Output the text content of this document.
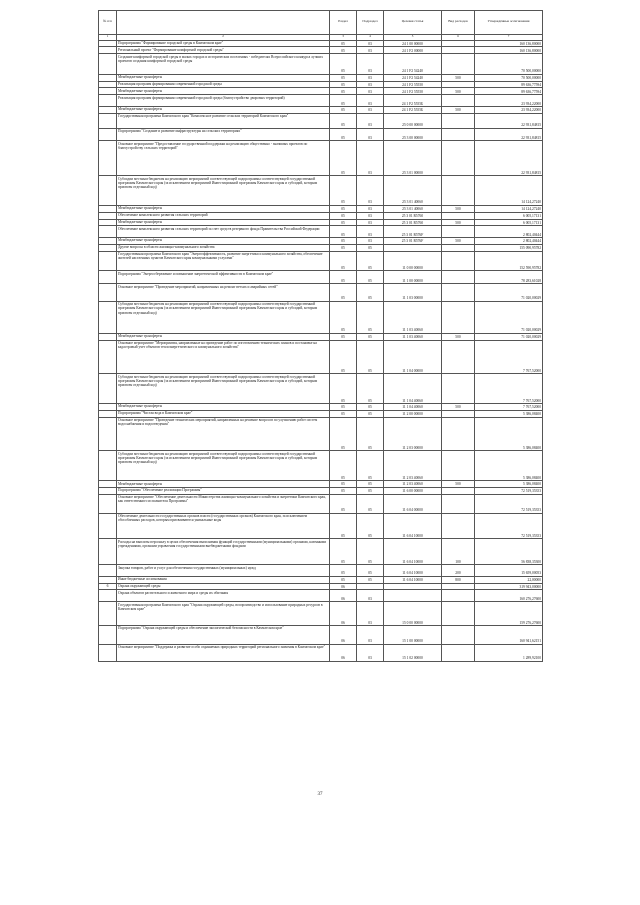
№ п/п		Раздел	Подраздел	Целевая статья	Вид расходов	Утверждённые ассигнования
1	2	3	4	5	6	7
	Подпрограмма "Формирование городской среды в Камчатском крае"	05	03	24 1 00 00000		160 136,80000
	Региональный проект "Формирование комфортной городской среды"	05	03	24 1 F2 00000		160 136,80000
	Создание комфортной городской среды в малых городах и исторических поселениях - победителях Всероссийского конкурса лучших проектов создания комфортной городской среды	05	03	24 1 F2 54240		70 500,00000
	Межбюджетные трансферты	05	03	24 1 F2 54240	500	70 500,00000
	Реализация программ формирования современной городской среды	05	03	24 1 F2 55550		89 636,77594
	Межбюджетные трансферты	05	03	24 1 F2 55550	500	89 636,77594
	Реализация программ формирования современной городской среды (благоустройство дворовых территорий)	05	03	24 1 F2 5555Б		23 934,22000
	Межбюджетные трансферты	05	03	24 1 F2 5555Б	500	23 934,22000
	Государственная программа Камчатского края "Комплексное развитие сельских территорий Камчатского края"	05	03	25 0 00 00000		22 931,84815
	Подпрограмма "Создание и развитие инфраструктуры на сельских территориях"	05	03	25 3 00 00000		22 931,84815
	Основное мероприятие "Предоставление государственной поддержки на реализацию общественно - значимых проектов по благоустройству сельских территорий"	05	03	25 3 01 00000		22 931,84815
	Субсидии местным бюджетам на реализацию мероприятий соответствующей подпрограммы соответствующей государственной программы Камчатского края (за исключением мероприятий Инвестиционной программы Камчатского края и субсидий, которым присвоен отдельный код)	05	03	25 3 01 40060		14 124,27240
	Межбюджетные трансферты	05	03	25 3 01 40060	500	14 124,27240
	Обеспечение комплексного развития сельских территорий	05	03	25 3 01 R5760		6 005,17131
	Межбюджетные трансферты	05	03	25 3 01 R5760	500	6 005,17131
	Обеспечение комплексного развития сельских территорий за счет средств резервного фонда Правительства Российской Федерации	05	03	25 3 01 R576F		2 802,40444
	Межбюджетные трансферты	05	03	25 3 01 R576F	500	2 802,40444
	Другие вопросы в области жилищно-коммунального хозяйства	05	05			155 090,95782
	Государственная программа Камчатского края "Энергоэффективность, развитие энергетики и коммунального хозяйства, обеспечение жителей населенных пунктов Камчатского края коммунальными услугами"	05	05	11 0 00 00000		152 590,95782
	Подпрограмма "Энергосбережение и повышение энергетической эффективности в Камчатском крае"	05	05	11 1 00 00000		78 283,61028
	Основное мероприятие "Проведение мероприятий, направленных на ремонт ветхих и аварийных сетей"	05	05	11 1 03 00000		71 020,00029
	Субсидии местным бюджетам на реализацию мероприятий соответствующей подпрограммы соответствующей государственной программы Камчатского края (за исключением мероприятий Инвестиционной программы Камчатского края и субсидий, которым присвоен отдельный код)	05	05	11 1 03 40060		71 020,00029
	Межбюджетные трансферты	05	05	11 1 03 40060	500	71 020,00029
	Основное мероприятие "Мероприятия, направленные на проведение работ по изготовлению технических планов и постановке на кадастровый учет объектов теплоэнергетического и коммунального хозяйства"	05	05	11 1 04 00000		7 767,52000
	Субсидии местным бюджетам на реализацию мероприятий соответствующей подпрограммы соответствующей государственной программы Камчатского края (за исключением мероприятий Инвестиционной программы Камчатского края и субсидий, которым присвоен отдельный код)	05	05	11 1 04 40060		7 767,52000
	Межбюджетные трансферты	05	05	11 1 04 40060	500	7 767,52000
	Подпрограмма "Чистая вода в Камчатском крае"	05	05	11 2 00 00000		5 386,08400
	Основное мероприятие "Проведение технических мероприятий, направленных на решение вопросов по улучшению работ систем водоснабжения и водоотведения"	05	05	11 2 03 00000		5 386,08400
	Субсидии местным бюджетам на реализацию мероприятий соответствующей подпрограммы соответствующей государственной программы Камчатского края (за исключением мероприятий Инвестиционной программы Камчатского края и субсидий, которым присвоен отдельный код)	05	05	11 2 03 40060		5 386,08400
	Межбюджетные трансферты	05	05	11 2 03 40060	500	5 386,08400
	Подпрограмма "Обеспечение реализации Программы"	05	05	11 6 00 00000		72 519,35353
	Основное мероприятие "Обеспечение деятельности Министерства жилищно-коммунального хозяйства и энергетики Камчатского края, как ответственного исполнителя Программы"	05	05	11 6 04 00000		72 519,35353
	Обеспечение деятельности государственных органов власти (государственных органов) Камчатского края, за исключением обособленных расходов, которым присваиваются уникальные коды	05	05	11 6 04 10000		72 519,35353
	Расходы на выплаты персоналу в целях обеспечения выполнения функций государственными (муниципальными) органами, казенными учреждениями, органами управления государственными внебюджетными фондами	05	05	11 6 04 10000	100	56 838,35300
	Закупка товаров, работ и услуг для обеспечения государственных (муниципальных) нужд	05	05	11 6 04 10000	200	15 659,00053
	Иные бюджетные ассигнования	05	05	11 6 04 10000	800	22,00000
6	Охрана окружающей среды	06				319 943,00000
	Охрана объектов растительного и животного мира и среды их обитания	06	03			160 276,27600
	Государственная программа Камчатского края "Охрана окружающей среды, воспроизводство и использование природных ресурсов в Камчатском крае"	06	03	15 0 00 00000		159 276,27600
	Подпрограмма "Охрана окружающей среды и обеспечение экологической безопасности в Камчатском крае"	06	03	15 1 00 00000		160 941,62151
	Основное мероприятие "Поддержка и развитие особо охраняемых природных территорий регионального значения в Камчатском крае"	06	03	15 1 02 00000		1 289,92100
37
